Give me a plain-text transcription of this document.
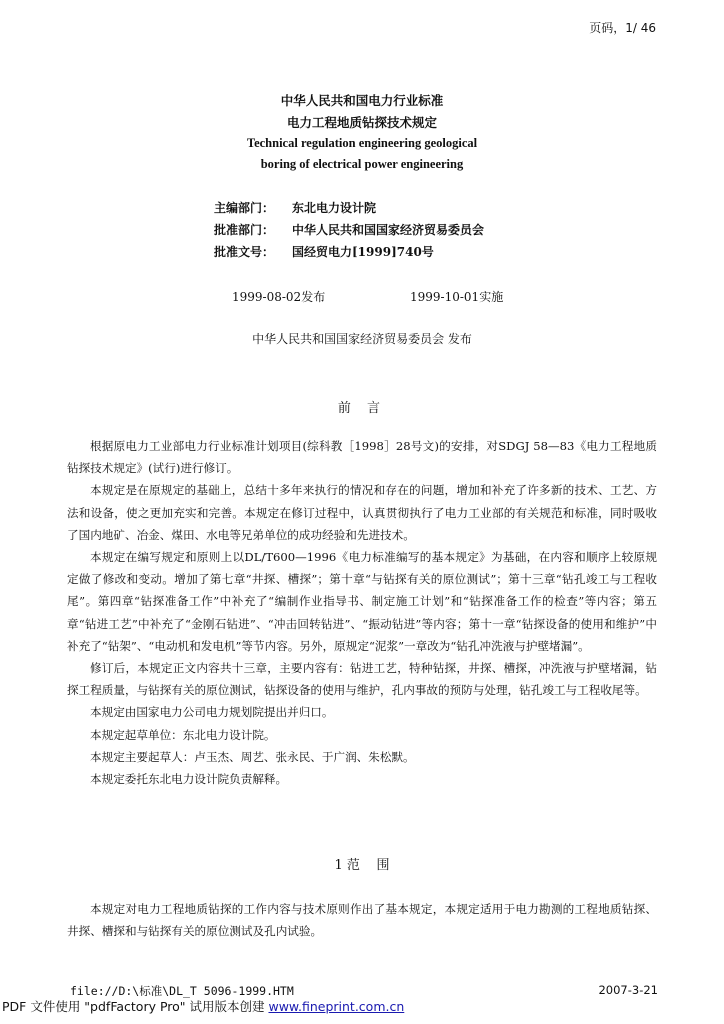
页码，1/ 46
中华人民共和国电力行业标准
电力工程地质钻探技术规定
Technical regulation engineering geological
boring of electrical power engineering
主编部门： 东北电力设计院
批准部门： 中华人民共和国国家经济贸易委员会
批准文号： 国经贸电力[1999]740号
1999-08-02发布	1999-10-01实施
中华人民共和国国家经济贸易委员会 发布
前 言

根据原电力工业部电力行业标准计划项目(综科教［1998］28号文)的安排，对SDGJ 58—83《电力工程地质钻探技术规定》(试行)进行修订。

本规定是在原规定的基础上，总结十多年来执行的情况和存在的问题，增加和补充了许多新的技术、工艺、方法和设备，使之更加充实和完善。本规定在修订过程中，认真贯彻执行了电力工业部的有关规范和标准，同时吸收了国内地矿、冶金、煤田、水电等兄弟单位的成功经验和先进技术。

本规定在编写规定和原则上以DL/T600—1996《电力标准编写的基本规定》为基础，在内容和顺序上较原规定做了修改和变动。增加了第七章“井探、槽探”；第十章“与钻探有关的原位测试”；第十三章“钻孔竣工与工程收尾”。第四章“钻探准备工作”中补充了“编制作业指导书、制定施工计划”和“钻探准备工作的检查”等内容；第五章“钻进工艺”中补充了“金刚石钻进”、“冲击回转钻进”、“振动钻进”等内容；第十一章“钻探设备的使用和维护”中补充了“钻架”、“电动机和发电机”等节内容。另外，原规定“泥浆”一章改为“钻孔冲洗液与护壁堵漏”。

修订后，本规定正文内容共十三章，主要内容有：钻进工艺，特种钻探，井探、槽探，冲洗液与护壁堵漏，钻探工程质量，与钻探有关的原位测试，钻探设备的使用与维护，孔内事故的预防与处理，钻孔竣工与工程收尾等。

本规定由国家电力公司电力规划院提出并归口。

本规定起草单位：东北电力设计院。

本规定主要起草人：卢玉杰、周艺、张永民、于广润、朱松默。

本规定委托东北电力设计院负责解释。

1 范    围

本规定对电力工程地质钻探的工作内容与技术原则作出了基本规定，本规定适用于电力勘测的工程地质钻探、井探、槽探和与钻探有关的原位测试及孔内试验。

file://D:\标准\DL_T 5096-1999.HTM	2007-3-21
PDF 文件使用 "pdfFactory Pro" 试用版本创建 www.fineprint.com.cn
